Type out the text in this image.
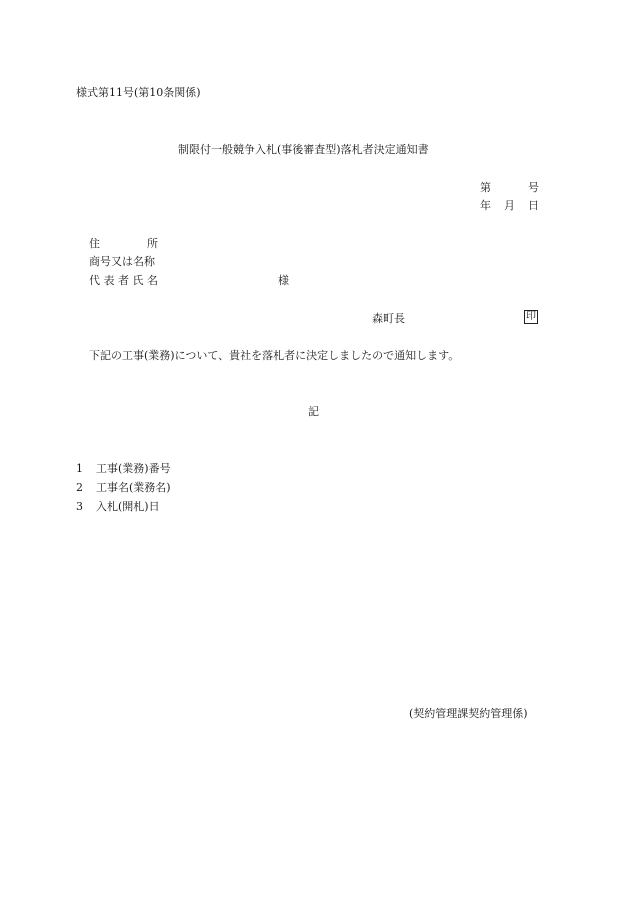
様式第11号(第10条関係)
制限付一般競争入札(事後審査型)落札者決定通知書
第	号
年 月 日
住	所
商号又は名称
代 表 者 氏 名	様
森町長	印
下記の工事(業務)について、貴社を落札者に決定しましたので通知します。
記
1 工事(業務)番号
2 工事名(業務名)
3 入札(開札)日
(契約管理課契約管理係)
